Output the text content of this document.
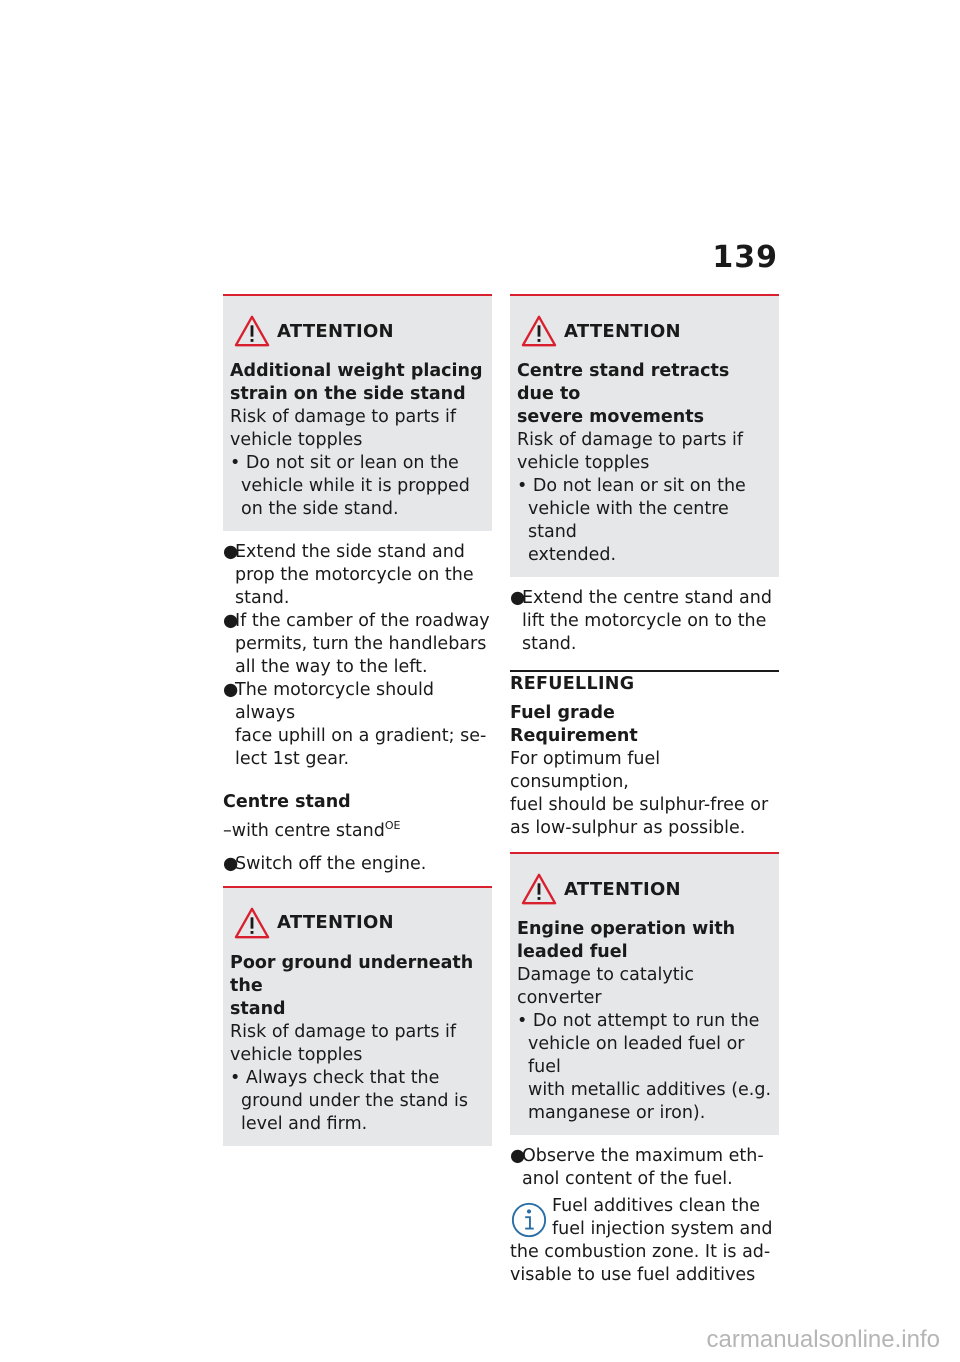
139
ATTENTION
Additional weight placing
strain on the side stand
Risk of damage to parts if
vehicle topples
• Do not sit or lean on the
vehicle while it is propped
on the side stand.
●Extend the side stand and
prop the motorcycle on the
stand.
●If the camber of the roadway
permits, turn the handlebars
all the way to the left.
●The motorcycle should always
face uphill on a gradient; se-
lect 1st gear.
Centre stand
–with centre stand$^{OE}$
●Switch off the engine.
ATTENTION
Poor ground underneath the
stand
Risk of damage to parts if
vehicle topples
• Always check that the
ground under the stand is
level and firm.
ATTENTION
Centre stand retracts due to
severe movements
Risk of damage to parts if
vehicle topples
• Do not lean or sit on the
vehicle with the centre stand
extended.
●Extend the centre stand and
lift the motorcycle on to the
stand.
REFUELLING
Fuel grade
Requirement
For optimum fuel consumption,
fuel should be sulphur-free or
as low-sulphur as possible.
ATTENTION
Engine operation with
leaded fuel
Damage to catalytic converter
• Do not attempt to run the
vehicle on leaded fuel or fuel
with metallic additives (e.g.
manganese or iron).
●Observe the maximum eth-
anol content of the fuel.
Fuel additives clean the
fuel injection system and
the combustion zone. It is ad-
visable to use fuel additives
carmanualsonline.info
